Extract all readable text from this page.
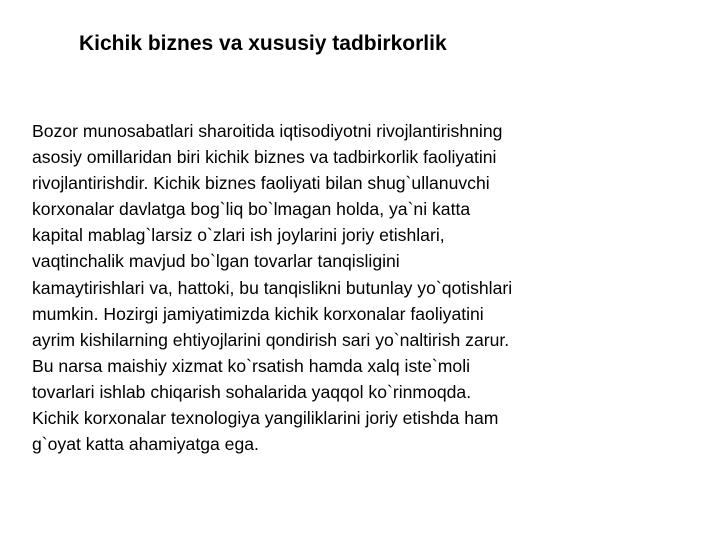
Kichik biznes va xususiy tadbirkorlik
Bozor munosabatlari sharoitida iqtisodiyotni rivojlantirishning
asosiy omillaridan biri kichik biznes va tadbirkorlik faoliyatini
rivojlantirishdir. Kichik biznes faoliyati bilan shug`ullanuvchi
korxonalar davlatga bog`liq bo`lmagan holda, ya`ni katta
kapital mablag`larsiz o`zlari ish joylarini joriy etishlari,
vaqtinchalik mavjud bo`lgan tovarlar tanqisligini
kamaytirishlari va, hattoki, bu tanqislikni butunlay yo`qotishlari
mumkin. Hozirgi jamiyatimizda kichik korxonalar faoliyatini
ayrim kishilarning ehtiyojlarini qondirish sari yo`naltirish zarur.
Bu narsa maishiy xizmat ko`rsatish hamda xalq iste`moli
tovarlari ishlab chiqarish sohalarida yaqqol ko`rinmoqda.
Kichik korxonalar texnologiya yangiliklarini joriy etishda ham
g`oyat katta ahamiyatga ega.
